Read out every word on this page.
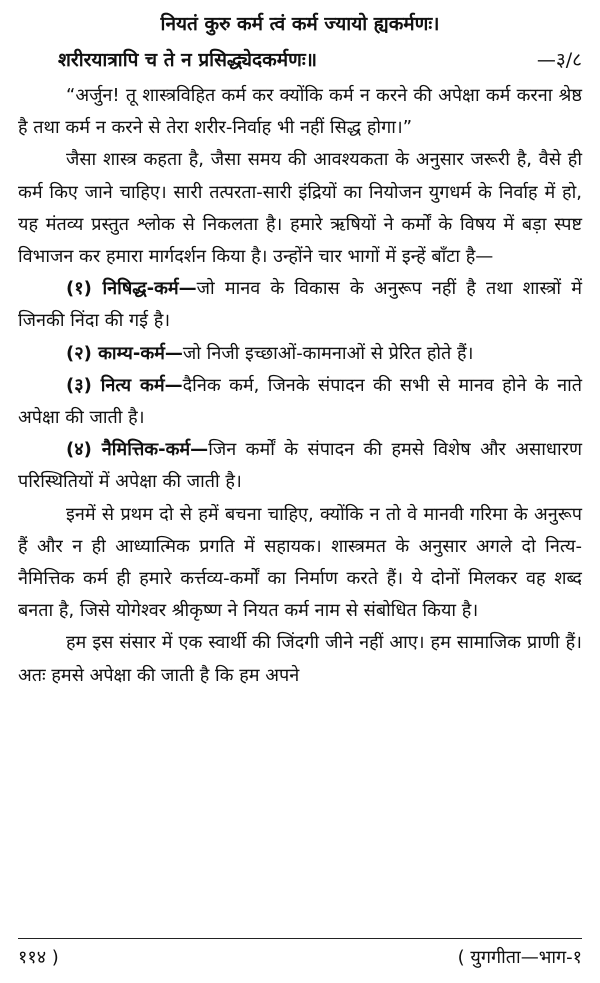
नियतं कुरु कर्म त्वं कर्म ज्यायो ह्यकर्मणः।
शरीरयात्रापि च ते न प्रसिद्ध्येदकर्मणः॥	—३/८

“अर्जुन! तू शास्त्रविहित कर्म कर क्योंकि कर्म न करने की अपेक्षा कर्म करना श्रेष्ठ है तथा कर्म न करने से तेरा शरीर-निर्वाह भी नहीं सिद्ध होगा।”

जैसा शास्त्र कहता है, जैसा समय की आवश्यकता के अनुसार जरूरी है, वैसे ही कर्म किए जाने चाहिए। सारी तत्परता-सारी इंद्रियों का नियोजन युगधर्म के निर्वाह में हो, यह मंतव्य प्रस्तुत श्लोक से निकलता है। हमारे ऋषियों ने कर्मों के विषय में बड़ा स्पष्ट विभाजन कर हमारा मार्गदर्शन किया है। उन्होंने चार भागों में इन्हें बाँटा है—

(१) निषिद्ध-कर्म—जो मानव के विकास के अनुरूप नहीं है तथा शास्त्रों में जिनकी निंदा की गई है।

(२) काम्य-कर्म—जो निजी इच्छाओं-कामनाओं से प्रेरित होते हैं।

(३) नित्य कर्म—दैनिक कर्म, जिनके संपादन की सभी से मानव होने के नाते अपेक्षा की जाती है।

(४) नैमित्तिक-कर्म—जिन कर्मों के संपादन की हमसे विशेष और असाधारण परिस्थितियों में अपेक्षा की जाती है।

इनमें से प्रथम दो से हमें बचना चाहिए, क्योंकि न तो वे मानवी गरिमा के अनुरूप हैं और न ही आध्यात्मिक प्रगति में सहायक। शास्त्रमत के अनुसार अगले दो नित्य-नैमित्तिक कर्म ही हमारे कर्त्तव्य-कर्मों का निर्माण करते हैं। ये दोनों मिलकर वह शब्द बनता है, जिसे योगेश्वर श्रीकृष्ण ने नियत कर्म नाम से संबोधित किया है।

हम इस संसार में एक स्वार्थी की जिंदगी जीने नहीं आए। हम सामाजिक प्राणी हैं। अतः हमसे अपेक्षा की जाती है कि हम अपने

११४ )	( युगगीता—भाग-१
